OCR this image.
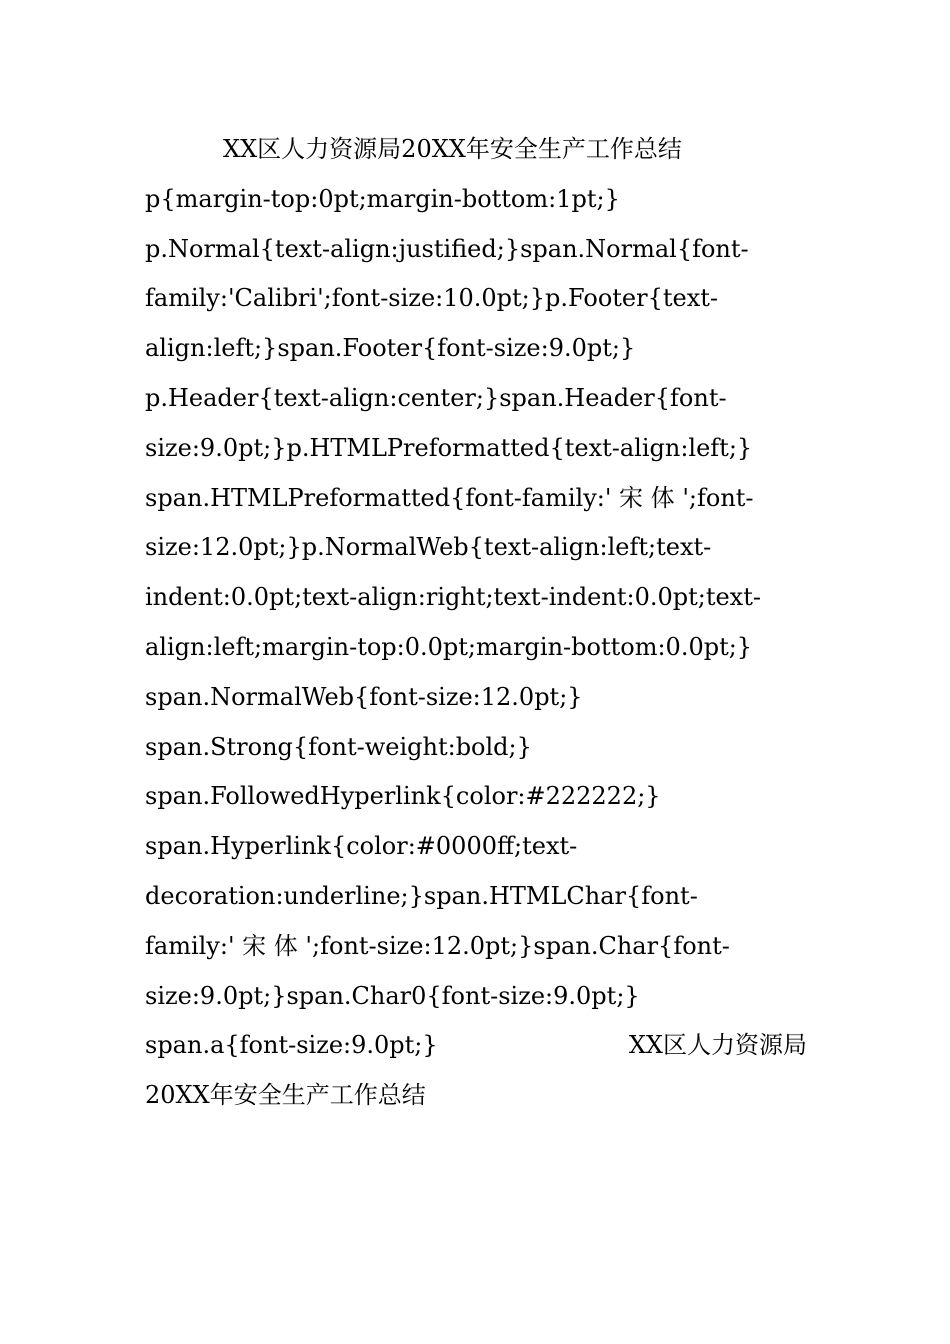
XX区人力资源局20XX年安全生产工作总结
p{margin-top:0pt;margin-bottom:1pt;}
p.Normal{text-align:justified;}span.Normal{font-
family:'Calibri';font-size:10.0pt;}p.Footer{text-
align:left;}span.Footer{font-size:9.0pt;}
p.Header{text-align:center;}span.Header{font-
size:9.0pt;}p.HTMLPreformatted{text-align:left;}
span.HTMLPreformatted{font-family:' 宋 体 ';font-
size:12.0pt;}p.NormalWeb{text-align:left;text-
indent:0.0pt;text-align:right;text-indent:0.0pt;text-
align:left;margin-top:0.0pt;margin-bottom:0.0pt;}
span.NormalWeb{font-size:12.0pt;}
span.Strong{font-weight:bold;}
span.FollowedHyperlink{color:#222222;}
span.Hyperlink{color:#0000ff;text-
decoration:underline;}span.HTMLChar{font-
family:' 宋 体 ';font-size:12.0pt;}span.Char{font-
size:9.0pt;}span.Char0{font-size:9.0pt;}
span.a{font-size:9.0pt;}	XX区人力资源局
20XX年安全生产工作总结
